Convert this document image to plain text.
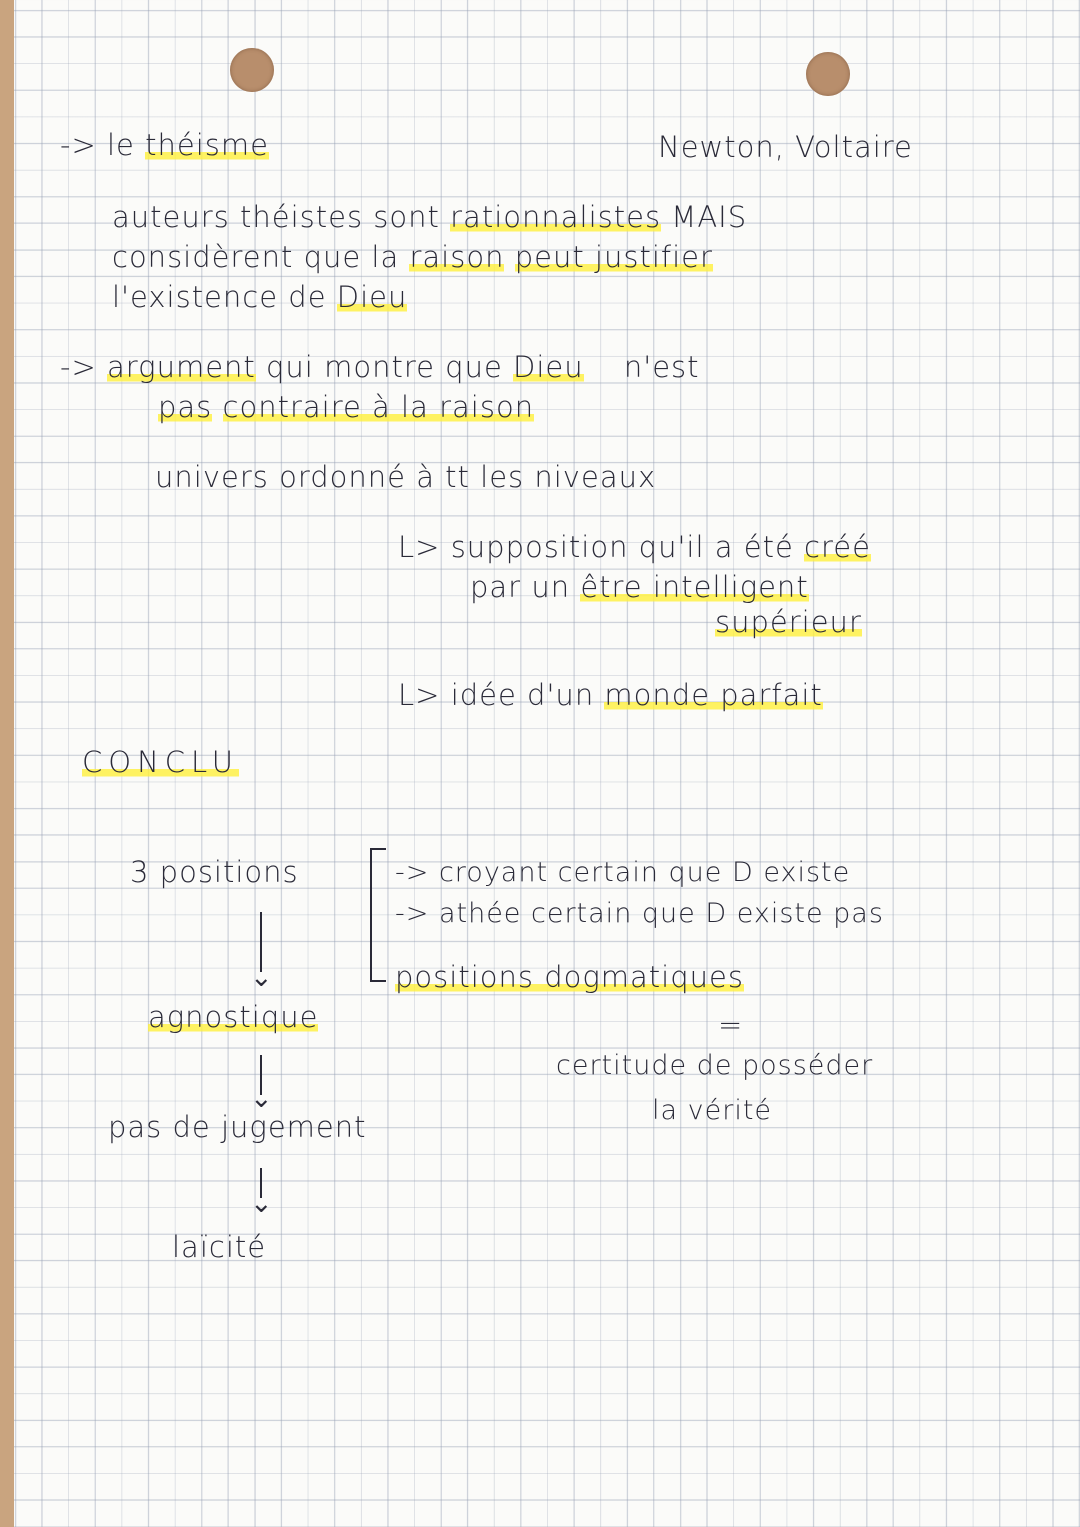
-> le théisme	Newton, Voltaire
auteurs théistes sont rationnalistes MAIS
considèrent que la raison peut justifier
l'existence de Dieu
-> argument qui montre que Dieu n'est
pas contraire à la raison
univers ordonné à tt les niveaux
L> supposition qu'il a été créé
par un être intelligent
supérieur
L> idée d'un monde parfait
CONCLU
3 positions	-> croyant certain que D existe
-> athée certain que D existe pas
positions dogmatiques
=
certitude de posséder
la vérité
⌄
agnostique
⌄
pas de jugement
⌄
laïcité
